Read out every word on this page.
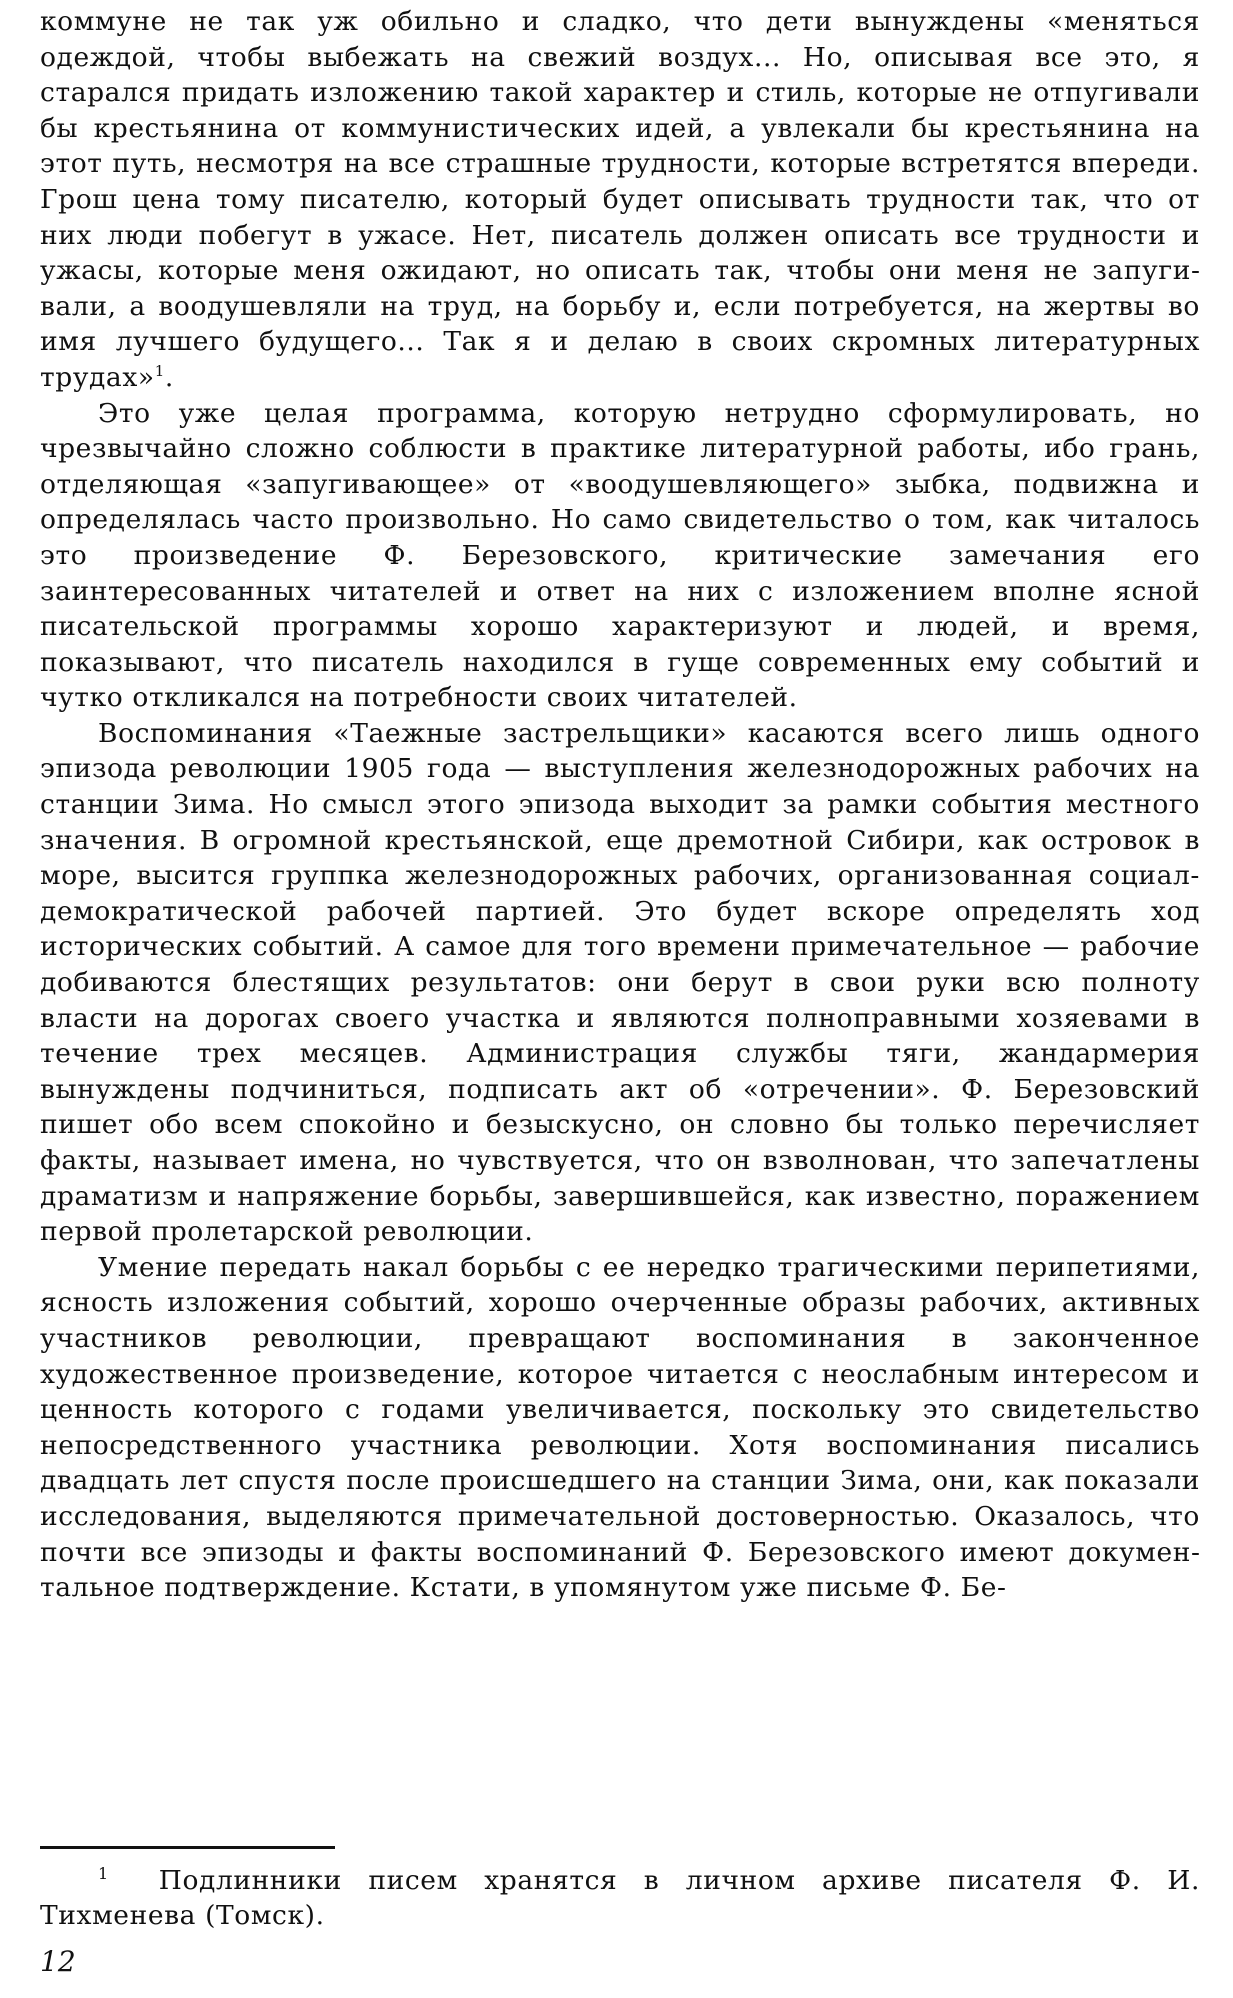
коммуне не так уж обильно и сладко, что дети вынуждены «меняться одеждой, чтобы выбежать на свежий воздух... Но, описывая все это, я старался придать изложению такой характер и стиль, которые не отпугивали бы крестьянина от коммунистических идей, а увлекали бы крестьянина на этот путь, несмотря на все страшные трудности, которые встретятся впереди. Грош цена тому писателю, который будет описывать трудности так, что от них люди побегут в ужасе. Нет, писатель должен описать все трудности и ужасы, которые меня ожидают, но описать так, чтобы они меня не запугивали, а воодушевляли на труд, на борьбу и, если потребуется, на жертвы во имя лучшего будущего... Так я и делаю в своих скромных литературных трудах»$^1$.

Это уже целая программа, которую нетрудно сформулировать, но чрезвычайно сложно соблюсти в практике литературной работы, ибо грань, отделяющая «запугивающее» от «воодушевляющего» зыбка, подвижна и определялась часто произвольно. Но само свидетельство о том, как читалось это произведение Ф. Березовского, критические замечания его заинтересованных читателей и ответ на них с изложением вполне ясной писательской программы хорошо характеризуют и людей, и время, показывают, что писатель находился в гуще современных ему событий и чутко откликался на потребности своих читателей.

Воспоминания «Таежные застрельщики» касаются всего лишь одного эпизода революции 1905 года — выступления железнодорожных рабочих на станции Зима. Но смысл этого эпизода выходит за рамки события местного значения. В огромной крестьянской, еще дремотной Сибири, как островок в море, высится группка железнодорожных рабочих, организованная социал-демократической рабочей партией. Это будет вскоре определять ход исторических событий. А самое для того времени примечательное — рабочие добиваются блестящих результатов: они берут в свои руки всю полноту власти на дорогах своего участка и являются полноправными хозяевами в течение трех месяцев. Администрация службы тяги, жандармерия вынуждены подчиниться, подписать акт об «отречении». Ф. Березовский пишет обо всем спокойно и безыскусно, он словно бы только перечисляет факты, называет имена, но чувствуется, что он взволнован, что запечатлены драматизм и напряжение борьбы, завершившейся, как известно, поражением первой пролетарской революции.

Умение передать накал борьбы с ее нередко трагическими перипетиями, ясность изложения событий, хорошо очерченные образы рабочих, активных участников революции, превращают воспоминания в законченное художественное произведение, которое читается с неослабным интересом и ценность которого с годами увеличивается, поскольку это свидетельство непосредственного участника революции. Хотя воспоминания писались двадцать лет спустя после происшедшего на станции Зима, они, как показали исследования, выделяются примечательной достоверностью. Оказалось, что почти все эпизоды и факты воспоминаний Ф. Березовского имеют документальное подтверждение. Кстати, в упомянутом уже письме Ф. Бе-

1 Подлинники писем хранятся в личном архиве писателя Ф. И. Тихменева (Томск).
12
